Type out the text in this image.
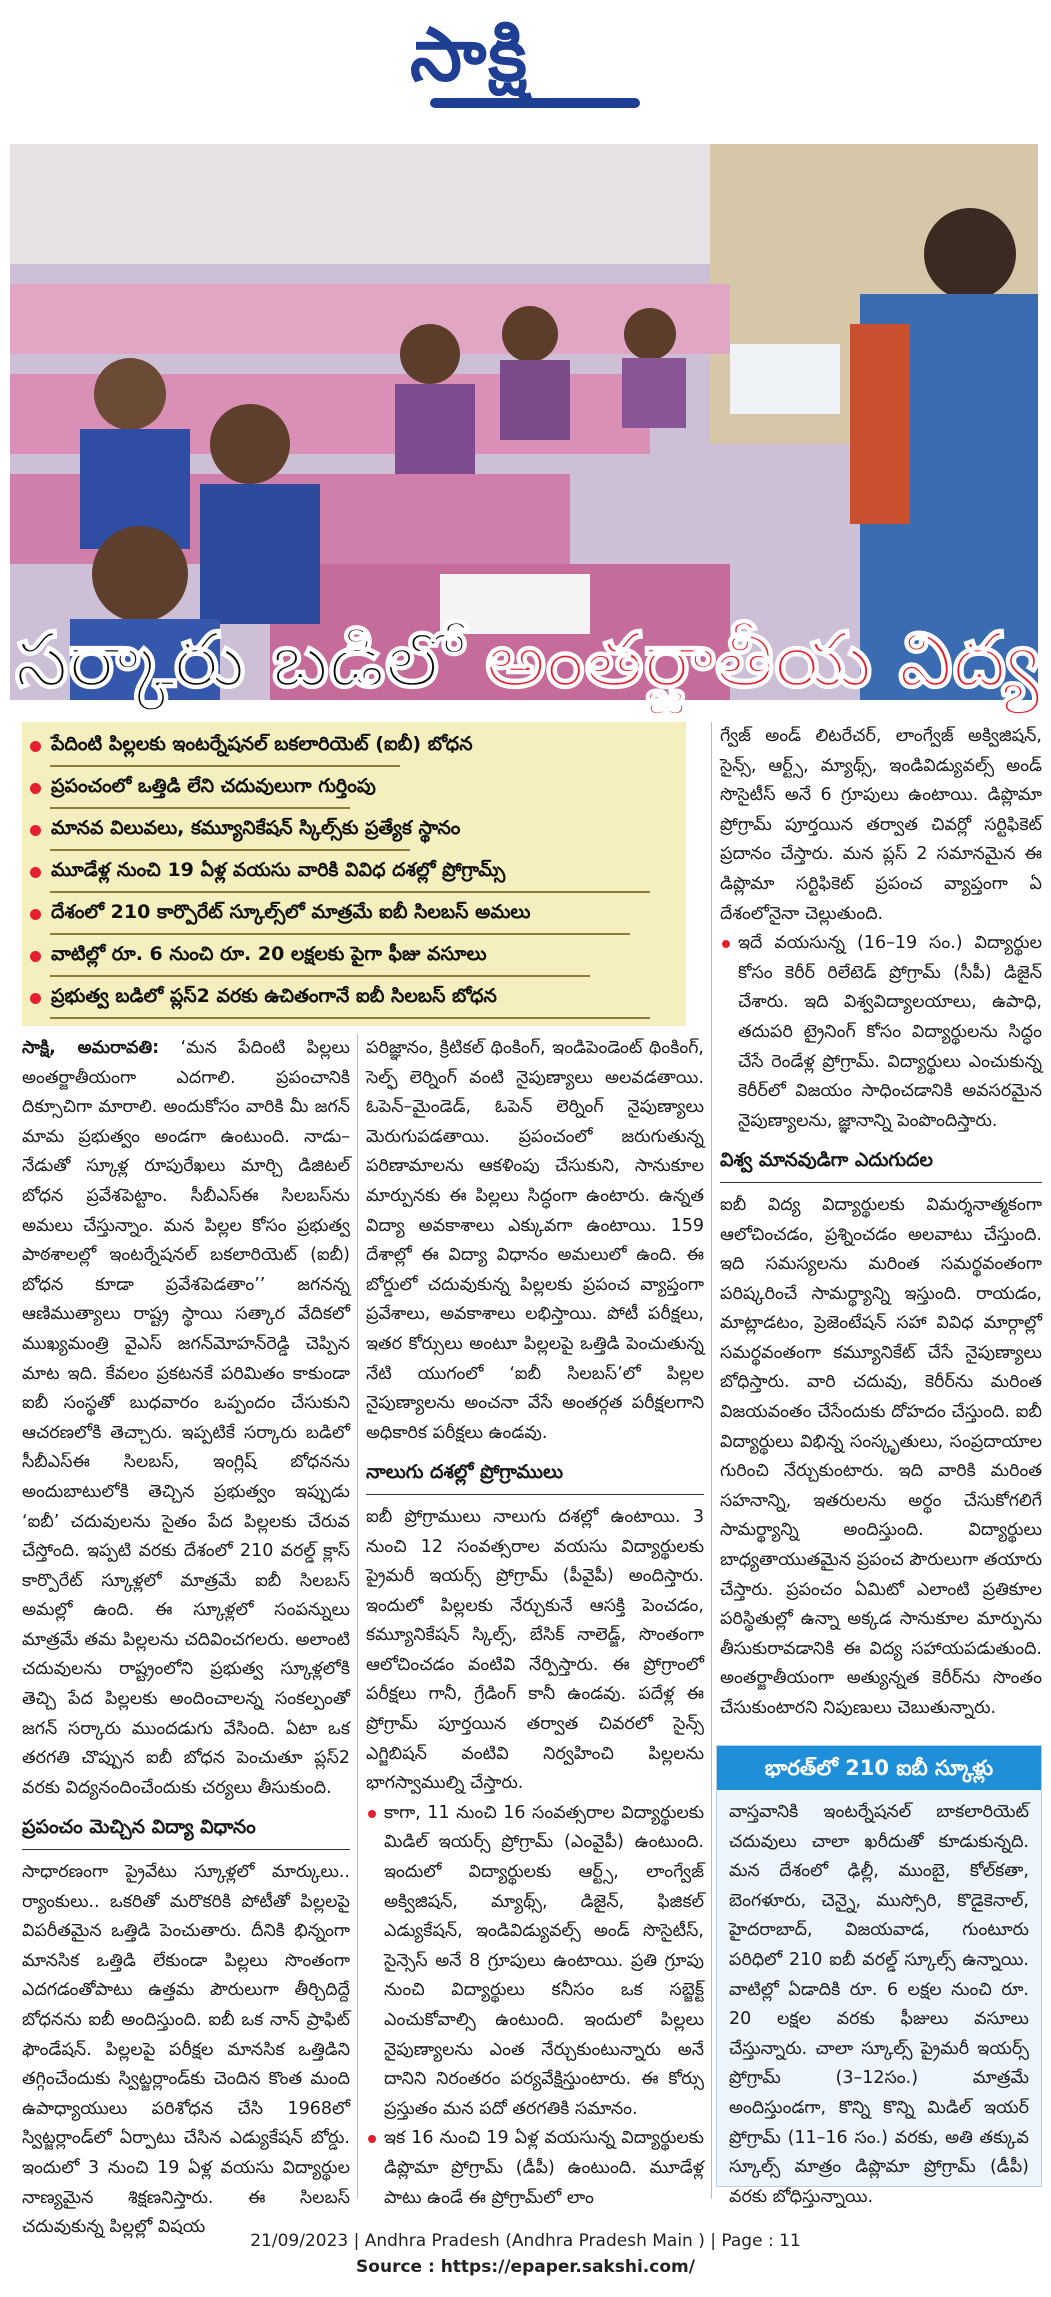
సాక్షి
సర్కారు బడిలో అంతర్జాతీయ విద్య
పేదింటి పిల్లలకు ఇంటర్నేషనల్ బకలారియెట్ (ఐబీ) బోధన
ప్రపంచంలో ఒత్తిడి లేని చదువులుగా గుర్తింపు
మానవ విలువలు, కమ్యూనికేషన్ స్కిల్స్‌కు ప్రత్యేక స్థానం
మూడేళ్ల నుంచి 19 ఏళ్ల వయసు వారికి వివిధ దశల్లో ప్రోగ్రామ్స్
దేశంలో 210 కార్పొరేట్ స్కూల్స్‌లో మాత్రమే ఐబీ సిలబస్ అమలు
వాటిల్లో రూ. 6 నుంచి రూ. 20 లక్షలకు పైగా ఫీజు వసూలు
ప్రభుత్వ బడిలో ప్లస్2 వరకు ఉచితంగానే ఐబీ సిలబస్ బోధన

సాక్షి, అమరావతి: ‘మన పేదింటి పిల్లలు అంతర్జాతీయంగా ఎదగాలి. ప్రపంచానికి దిక్సూచిగా మారాలి. అందుకోసం వారికి మీ జగన్ మామ ప్రభుత్వం అండగా ఉంటుంది. నాడు–నేడుతో స్కూళ్ల రూపురేఖలు మార్చి డిజిటల్ బోధన ప్రవేశపెట్టాం. సీబీఎస్‌ఈ సిలబస్‌ను అమలు చేస్తున్నాం. మన పిల్లల కోసం ప్రభుత్వ పాఠశాలల్లో ఇంటర్నేషనల్ బకలారియెట్ (ఐబీ) బోధన కూడా ప్రవేశపెడతాం’’ జగనన్న ఆణిముత్యాలు రాష్ట్ర స్థాయి సత్కార వేదికలో ముఖ్యమంత్రి వైఎస్ జగన్‌మోహన్‌రెడ్డి చెప్పిన మాట ఇది. కేవలం ప్రకటనకే పరిమితం కాకుండా ఐబీ సంస్థతో బుధవారం ఒప్పందం చేసుకుని ఆచరణలోకి తెచ్చారు. ఇప్పటికే సర్కారు బడిలో సీబీఎస్‌ఈ సిలబస్, ఇంగ్లిష్ బోధనను అందుబాటులోకి తెచ్చిన ప్రభుత్వం ఇప్పుడు ‘ఐబీ’ చదువులను సైతం పేద పిల్లలకు చేరువ చేస్తోంది. ఇప్పటి వరకు దేశంలో 210 వరల్డ్ క్లాస్ కార్పొరేట్ స్కూళ్లలో మాత్రమే ఐబీ సిలబస్ అమల్లో ఉంది. ఈ స్కూళ్లలో సంపన్నులు మాత్రమే తమ పిల్లలను చదివించగలరు. అలాంటి చదువులను రాష్ట్రంలోని ప్రభుత్వ స్కూళ్లలోకి తెచ్చి పేద పిల్లలకు అందించాలన్న సంకల్పంతో జగన్ సర్కారు ముందడుగు వేసింది. ఏటా ఒక తరగతి చొప్పున ఐబీ బోధన పెంచుతూ ప్లస్2 వరకు విద్యనందించేందుకు చర్యలు తీసుకుంది.

ప్రపంచం మెచ్చిన విద్యా విధానం

సాధారణంగా ప్రైవేటు స్కూళ్లలో మార్కులు.. ర్యాంకులు.. ఒకరితో మరొకరికి పోటీతో పిల్లలపై విపరీతమైన ఒత్తిడి పెంచుతారు. దీనికి భిన్నంగా మానసిక ఒత్తిడి లేకుండా పిల్లలు సొంతంగా ఎదగడంతోపాటు ఉత్తమ పౌరులుగా తీర్చిదిద్దే బోధనను ఐబీ అందిస్తుంది. ఐబీ ఒక నాన్ ప్రాఫిట్ ఫౌండేషన్. పిల్లలపై పరీక్షల మానసిక ఒత్తిడిని తగ్గించేందుకు స్విట్జర్లాండ్‌కు చెందిన కొంత మంది ఉపాధ్యాయులు పరిశోధన చేసి 1968లో స్విట్జర్లాండ్‌లో ఏర్పాటు చేసిన ఎడ్యుకేషన్ బోర్డు. ఇందులో 3 నుంచి 19 ఏళ్ల వయసు విద్యార్థుల నాణ్యమైన శిక్షణనిస్తారు. ఈ సిలబస్ చదువుకున్న పిల్లల్లో విషయ

పరిజ్ఞానం, క్రిటికల్ థింకింగ్, ఇండిపెండెంట్ థింకింగ్, సెల్ఫ్ లెర్నింగ్ వంటి నైపుణ్యాలు అలవడతాయి. ఓపెన్–మైండెడ్, ఓపెన్ లెర్నింగ్ నైపుణ్యాలు మెరుగుపడతాయి. ప్రపంచంలో జరుగుతున్న పరిణామాలను ఆకళింపు చేసుకుని, సానుకూల మార్పునకు ఈ పిల్లలు సిద్ధంగా ఉంటారు. ఉన్నత విద్యా అవకాశాలు ఎక్కువగా ఉంటాయి. 159 దేశాల్లో ఈ విద్యా విధానం అమలులో ఉంది. ఈ బోర్డులో చదువుకున్న పిల్లలకు ప్రపంచ వ్యాప్తంగా ప్రవేశాలు, అవకాశాలు లభిస్తాయి. పోటీ పరీక్షలు, ఇతర కోర్సులు అంటూ పిల్లలపై ఒత్తిడి పెంచుతున్న నేటి యుగంలో ‘ఐబీ సిలబస్’లో పిల్లల నైపుణ్యాలను అంచనా వేసే అంతర్గత పరీక్షలగాని అధికారిక పరీక్షలు ఉండవు.

నాలుగు దశల్లో ప్రోగ్రాములు

ఐబీ ప్రోగ్రాములు నాలుగు దశల్లో ఉంటాయి. 3 నుంచి 12 సంవత్సరాల వయసు విద్యార్థులకు ప్రైమరీ ఇయర్స్ ప్రోగ్రామ్ (పీవైపీ) అందిస్తారు. ఇందులో పిల్లలకు నేర్చుకునే ఆసక్తి పెంచడం, కమ్యూనికేషన్ స్కిల్స్, బేసిక్ నాలెడ్జ్, సొంతంగా ఆలోచించడం వంటివి నేర్పిస్తారు. ఈ ప్రోగ్రాంలో పరీక్షలు గానీ, గ్రేడింగ్ కానీ ఉండవు. పదేళ్ల ఈ ప్రోగ్రామ్ పూర్తయిన తర్వాత చివరలో సైన్స్ ఎగ్జిబిషన్ వంటివి నిర్వహించి పిల్లలను భాగస్వాముల్ని చేస్తారు.

కాగా, 11 నుంచి 16 సంవత్సరాల విద్యార్థులకు మిడిల్ ఇయర్స్ ప్రోగ్రామ్ (ఎంవైపీ) ఉంటుంది. ఇందులో విద్యార్థులకు ఆర్ట్స్, లాంగ్వేజ్ అక్విజిషన్, మ్యాథ్స్, డిజైన్, ఫిజికల్ ఎడ్యుకేషన్, ఇండివిడ్యువల్స్ అండ్ సొసైటీస్, సైన్సెస్ అనే 8 గ్రూపులు ఉంటాయి. ప్రతి గ్రూపు నుంచి విద్యార్థులు కనీసం ఒక సబ్జెక్ట్ ఎంచుకోవాల్సి ఉంటుంది. ఇందులో పిల్లలు నైపుణ్యాలను ఎంత నేర్చుకుంటున్నారు అనే దానిని నిరంతరం పర్యవేక్షిస్తుంటారు. ఈ కోర్సు ప్రస్తుతం మన పదో తరగతికి సమానం.
ఇక 16 నుంచి 19 ఏళ్ల వయసున్న విద్యార్థులకు డిప్లొమా ప్రోగ్రామ్ (డీపీ) ఉంటుంది. మూడేళ్ల పాటు ఉండే ఈ ప్రోగ్రామ్‌లో లాం

గ్వేజ్ అండ్ లిటరేచర్, లాంగ్వేజ్ అక్విజిషన్, సైన్స్, ఆర్ట్స్, మ్యాథ్స్, ఇండివిడ్యువల్స్ అండ్ సొసైటీస్ అనే 6 గ్రూపులు ఉంటాయి. డిప్లొమా ప్రోగ్రామ్ పూర్తయిన తర్వాత చివర్లో సర్టిఫికెట్ ప్రదానం చేస్తారు. మన ప్లస్ 2 సమానమైన ఈ డిప్లొమా సర్టిఫికెట్ ప్రపంచ వ్యాప్తంగా ఏ దేశంలోనైనా చెల్లుతుంది.

ఇదే వయసున్న (16–19 సం.) విద్యార్థుల కోసం కెరీర్ రిలేటెడ్ ప్రోగ్రామ్ (సీపీ) డిజైన్ చేశారు. ఇది విశ్వవిద్యాలయాలు, ఉపాధి, తదుపరి ట్రైనింగ్ కోసం విద్యార్థులను సిద్ధం చేసే రెండేళ్ల ప్రోగ్రామ్. విద్యార్థులు ఎంచుకున్న కెరీర్‌లో విజయం సాధించడానికి అవసరమైన నైపుణ్యాలను, జ్ఞానాన్ని పెంపొందిస్తారు.
విశ్వ మానవుడిగా ఎదుగుదల

ఐబీ విద్య విద్యార్థులకు విమర్శనాత్మకంగా ఆలోచించడం, ప్రశ్నించడం అలవాటు చేస్తుంది. ఇది సమస్యలను మరింత సమర్థవంతంగా పరిష్కరించే సామర్థ్యాన్ని ఇస్తుంది. రాయడం, మాట్లాడటం, ప్రెజెంటేషన్ సహా వివిధ మార్గాల్లో సమర్థవంతంగా కమ్యూనికేట్ చేసే నైపుణ్యాలు బోధిస్తారు. వారి చదువు, కెరీర్‌ను మరింత విజయవంతం చేసేందుకు దోహదం చేస్తుంది. ఐబీ విద్యార్థులు విభిన్న సంస్కృతులు, సంప్రదాయాల గురించి నేర్చుకుంటారు. ఇది వారికి మరింత సహనాన్ని, ఇతరులను అర్థం చేసుకోగలిగే సామర్థ్యాన్ని అందిస్తుంది. విద్యార్థులు బాధ్యతాయుతమైన ప్రపంచ పౌరులుగా తయారు చేస్తారు. ప్రపంచం ఏమిటో ఎలాంటి ప్రతికూల పరిస్థితుల్లో ఉన్నా అక్కడ సానుకూల మార్పును తీసుకురావడానికి ఈ విద్య సహాయపడుతుంది. అంతర్జాతీయంగా అత్యున్నత కెరీర్‌ను సొంతం చేసుకుంటారని నిపుణులు చెబుతున్నారు.

భారత్‌లో 210 ఐబీ స్కూళ్లు
వాస్తవానికి ఇంటర్నేషనల్ బాకలారియెట్ చదువులు చాలా ఖరీదుతో కూడుకున్నది. మన దేశంలో ఢిల్లీ, ముంబై, కోల్‌కతా, బెంగళూరు, చెన్నై, ముస్సోరి, కొడైకెనాల్, హైదరాబాద్, విజయవాడ, గుంటూరు పరిధిలో 210 ఐబీ వరల్డ్ స్కూల్స్ ఉన్నాయి. వాటిల్లో ఏడాదికి రూ. 6 లక్షల నుంచి రూ. 20 లక్షల వరకు ఫీజులు వసూలు చేస్తున్నారు. చాలా స్కూల్స్ ప్రైమరీ ఇయర్స్ ప్రోగ్రామ్ (3–12సం.) మాత్రమే అందిస్తుండగా, కొన్ని కొన్ని మిడిల్ ఇయర్ ప్రోగ్రామ్ (11–16 సం.) వరకు, అతి తక్కువ స్కూల్స్ మాత్రం డిప్లొమా ప్రోగ్రామ్ (డీపీ) వరకు బోధిస్తున్నాయి.
21/09/2023 | Andhra Pradesh (Andhra Pradesh Main ) | Page : 11
Source : https://epaper.sakshi.com/
